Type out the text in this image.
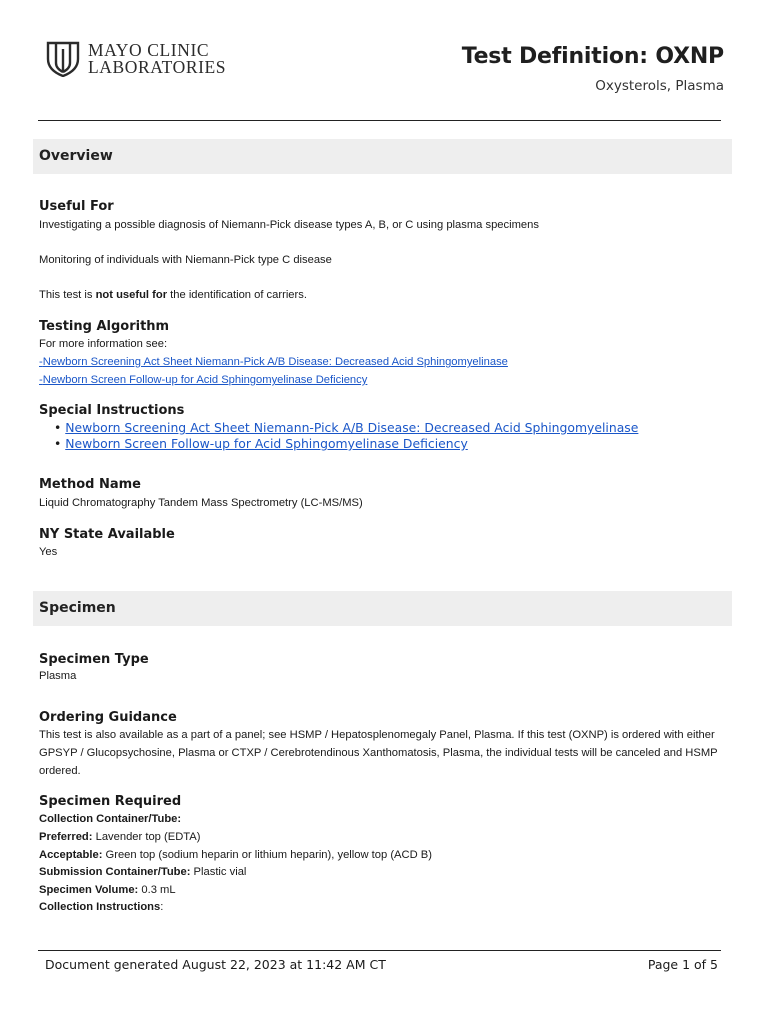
MAYO CLINIC
LABORATORIES	Test Definition: OXNP
Oxysterols, Plasma
Overview
Useful For
Investigating a possible diagnosis of Niemann-Pick disease types A, B, or C using plasma specimens
Monitoring of individuals with Niemann-Pick type C disease
This test is not useful for the identification of carriers.
Testing Algorithm
For more information see:
-Newborn Screening Act Sheet Niemann-Pick A/B Disease: Decreased Acid Sphingomyelinase
-Newborn Screen Follow-up for Acid Sphingomyelinase Deficiency
Special Instructions
• Newborn Screening Act Sheet Niemann-Pick A/B Disease: Decreased Acid Sphingomyelinase
• Newborn Screen Follow-up for Acid Sphingomyelinase Deficiency
Method Name
Liquid Chromatography Tandem Mass Spectrometry (LC-MS/MS)
NY State Available
Yes
Specimen
Specimen Type
Plasma
Ordering Guidance
This test is also available as a part of a panel; see HSMP / Hepatosplenomegaly Panel, Plasma. If this test (OXNP) is ordered with either GPSYP / Glucopsychosine, Plasma or CTXP / Cerebrotendinous Xanthomatosis, Plasma, the individual tests will be canceled and HSMP ordered.
Specimen Required
Collection Container/Tube:
Preferred: Lavender top (EDTA)
Acceptable: Green top (sodium heparin or lithium heparin), yellow top (ACD B)
Submission Container/Tube: Plastic vial
Specimen Volume: 0.3 mL
Collection Instructions:
Document generated August 22, 2023 at 11:42 AM CT	Page 1 of 5
